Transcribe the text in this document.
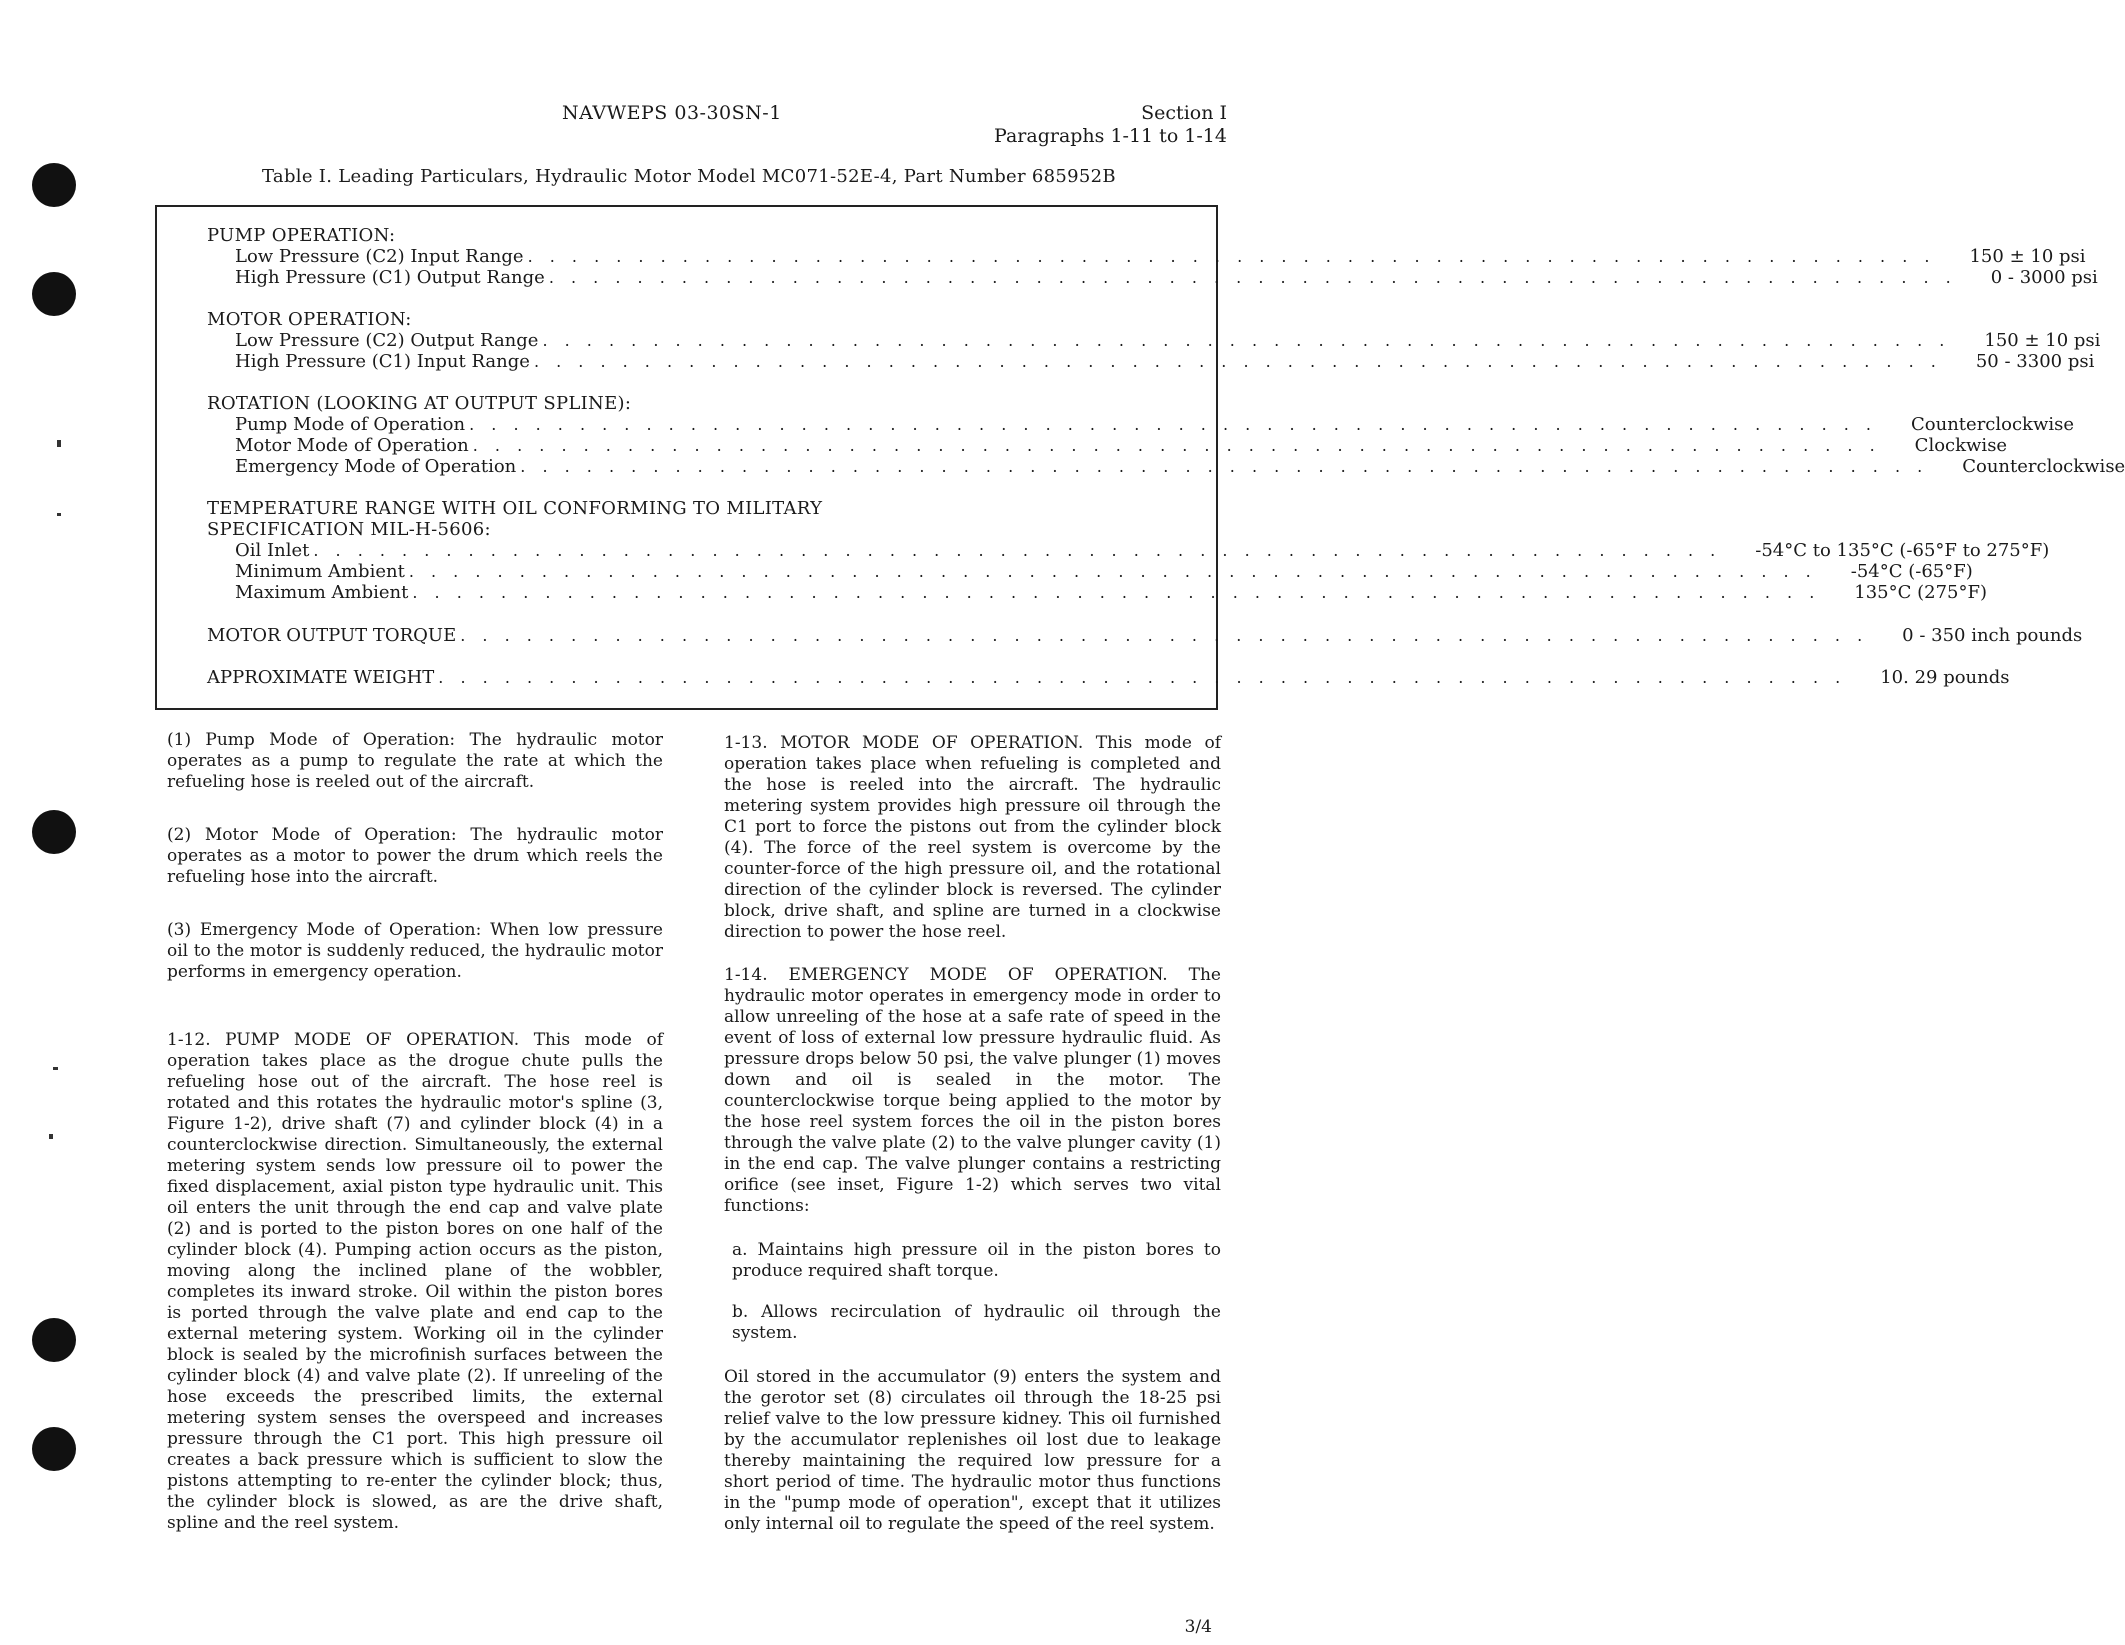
NAVWEPS 03-30SN-1	Section I
Paragraphs 1-11 to 1-14
Table I. Leading Particulars, Hydraulic Motor Model MC071-52E-4, Part Number 685952B
PUMP OPERATION:
Low Pressure (C2) Input Range . . . . . . . . . . . . . . . . . . . . . . . . . . . . . . . . . . . . . . . . . . . . . . . . . . . . . . . . . . . . . . . . 150 ± 10 psi
High Pressure (C1) Output Range . . . . . . . . . . . . . . . . . . . . . . . . . . . . . . . . . . . . . . . . . . . . . . . . . . . . . . . . . . . . . . . . 0 - 3000 psi
MOTOR OPERATION:
Low Pressure (C2) Output Range . . . . . . . . . . . . . . . . . . . . . . . . . . . . . . . . . . . . . . . . . . . . . . . . . . . . . . . . . . . . . . . . 150 ± 10 psi
High Pressure (C1) Input Range . . . . . . . . . . . . . . . . . . . . . . . . . . . . . . . . . . . . . . . . . . . . . . . . . . . . . . . . . . . . . . . . 50 - 3300 psi
ROTATION (LOOKING AT OUTPUT SPLINE):
Pump Mode of Operation . . . . . . . . . . . . . . . . . . . . . . . . . . . . . . . . . . . . . . . . . . . . . . . . . . . . . . . . . . . . . . . . Counterclockwise
Motor Mode of Operation . . . . . . . . . . . . . . . . . . . . . . . . . . . . . . . . . . . . . . . . . . . . . . . . . . . . . . . . . . . . . . . . Clockwise
Emergency Mode of Operation . . . . . . . . . . . . . . . . . . . . . . . . . . . . . . . . . . . . . . . . . . . . . . . . . . . . . . . . . . . . . . . . Counterclockwise
TEMPERATURE RANGE WITH OIL CONFORMING TO MILITARY
SPECIFICATION MIL-H-5606:
Oil Inlet . . . . . . . . . . . . . . . . . . . . . . . . . . . . . . . . . . . . . . . . . . . . . . . . . . . . . . . . . . . . . . . . -54°C to 135°C (-65°F to 275°F)
Minimum Ambient . . . . . . . . . . . . . . . . . . . . . . . . . . . . . . . . . . . . . . . . . . . . . . . . . . . . . . . . . . . . . . . . -54°C (-65°F)
Maximum Ambient . . . . . . . . . . . . . . . . . . . . . . . . . . . . . . . . . . . . . . . . . . . . . . . . . . . . . . . . . . . . . . . . 135°C (275°F)
MOTOR OUTPUT TORQUE . . . . . . . . . . . . . . . . . . . . . . . . . . . . . . . . . . . . . . . . . . . . . . . . . . . . . . . . . . . . . . . . 0 - 350 inch pounds
APPROXIMATE WEIGHT . . . . . . . . . . . . . . . . . . . . . . . . . . . . . . . . . . . . . . . . . . . . . . . . . . . . . . . . . . . . . . . . 10. 29 pounds

(1) Pump Mode of Operation: The hydraulic motor operates as a pump to regulate the rate at which the refueling hose is reeled out of the aircraft.

(2) Motor Mode of Operation: The hydraulic motor operates as a motor to power the drum which reels the refueling hose into the aircraft.

(3) Emergency Mode of Operation: When low pressure oil to the motor is suddenly reduced, the hydraulic motor performs in emergency operation.

1-12. PUMP MODE OF OPERATION. This mode of operation takes place as the drogue chute pulls the refueling hose out of the aircraft. The hose reel is rotated and this rotates the hydraulic motor's spline (3, Figure 1-2), drive shaft (7) and cylinder block (4) in a counterclockwise direction. Simultaneously, the external metering system sends low pressure oil to power the fixed displacement, axial piston type hydraulic unit. This oil enters the unit through the end cap and valve plate (2) and is ported to the piston bores on one half of the cylinder block (4). Pumping action occurs as the piston, moving along the inclined plane of the wobbler, completes its inward stroke. Oil within the piston bores is ported through the valve plate and end cap to the external metering system. Working oil in the cylinder block is sealed by the microfinish surfaces between the cylinder block (4) and valve plate (2). If unreeling of the hose exceeds the prescribed limits, the external metering system senses the overspeed and increases pressure through the C1 port. This high pressure oil creates a back pressure which is sufficient to slow the pistons attempting to re-enter the cylinder block; thus, the cylinder block is slowed, as are the drive shaft, spline and the reel system.

1-13. MOTOR MODE OF OPERATION. This mode of operation takes place when refueling is completed and the hose is reeled into the aircraft. The hydraulic metering system provides high pressure oil through the C1 port to force the pistons out from the cylinder block (4). The force of the reel system is overcome by the counter-force of the high pressure oil, and the rotational direction of the cylinder block is reversed. The cylinder block, drive shaft, and spline are turned in a clockwise direction to power the hose reel.

1-14. EMERGENCY MODE OF OPERATION. The hydraulic motor operates in emergency mode in order to allow unreeling of the hose at a safe rate of speed in the event of loss of external low pressure hydraulic fluid. As pressure drops below 50 psi, the valve plunger (1) moves down and oil is sealed in the motor. The counterclockwise torque being applied to the motor by the hose reel system forces the oil in the piston bores through the valve plate (2) to the valve plunger cavity (1) in the end cap. The valve plunger contains a restricting orifice (see inset, Figure 1-2) which serves two vital functions:

a. Maintains high pressure oil in the piston bores to produce required shaft torque.

b. Allows recirculation of hydraulic oil through the system.

Oil stored in the accumulator (9) enters the system and the gerotor set (8) circulates oil through the 18-25 psi relief valve to the low pressure kidney. This oil furnished by the accumulator replenishes oil lost due to leakage thereby maintaining the required low pressure for a short period of time. The hydraulic motor thus functions in the "pump mode of operation", except that it utilizes only internal oil to regulate the speed of the reel system.

3/4
